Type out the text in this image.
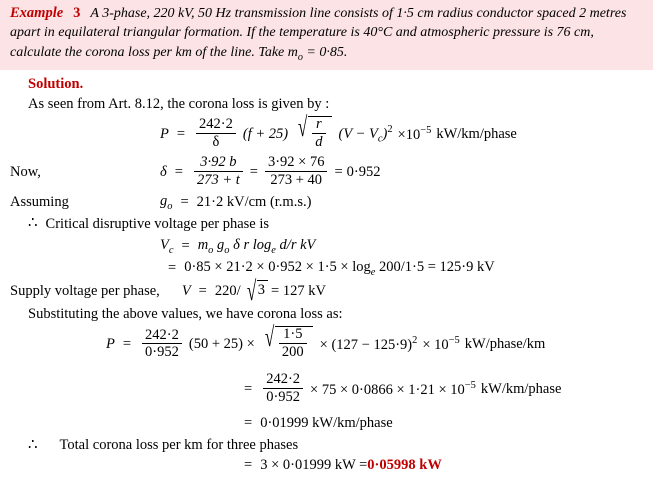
Example 3 A 3-phase, 220 kV, 50 Hz transmission line consists of 1·5 cm radius conductor spaced 2 metres apart in equilateral triangular formation. If the temperature is 40°C and atmospheric pressure is 76 cm, calculate the corona loss per km of the line. Take $m_o = 0\cdot 85$.
Solution.
As seen from Art. 8.12, the corona loss is given by :
$P = \frac{242\cdot 2}{\delta} (f + 25)$ √ $\frac{r}{d} (V - V_c)^2 \times 10^{-5}$ kW/km/phase
Now,	$\delta = \frac{3\cdot 92 b}{273 + t} = \frac{3\cdot 92 \times 76}{273 + 40} = 0\cdot 952$
Assuming	$g_o = 21\cdot 2$ kV/cm (r.m.s.)
∴ Critical disruptive voltage per phase is
$V_c = m_o$ $g_o$ δ r $\log_e d/r$ kV
= $0\cdot 85 \times 21\cdot 2 \times 0\cdot 952 \times 1\cdot 5 \times \log_e 200/1\cdot 5 = 125\cdot 9$ kV
Supply voltage per phase, V = 220/ √ 3 = 127 kV
Substituting the above values, we have corona loss as:
$P = \frac{242\cdot 2}{0\cdot 952} (50 + 25)$ × √ $\frac{1\cdot 5}{200} \times (127 - 125\cdot 9)^2 \times 10^{-5}$ kW/phase/km
= $\frac{242\cdot 2}{0\cdot 952} \times 75 \times 0\cdot 0866 \times 1\cdot 21 \times 10^{-5}$ kW/km/phase
= 0·01999 kW/km/phase
∴ Total corona loss per km for three phases
= 3 × 0·01999 kW = 0·05998 kW
